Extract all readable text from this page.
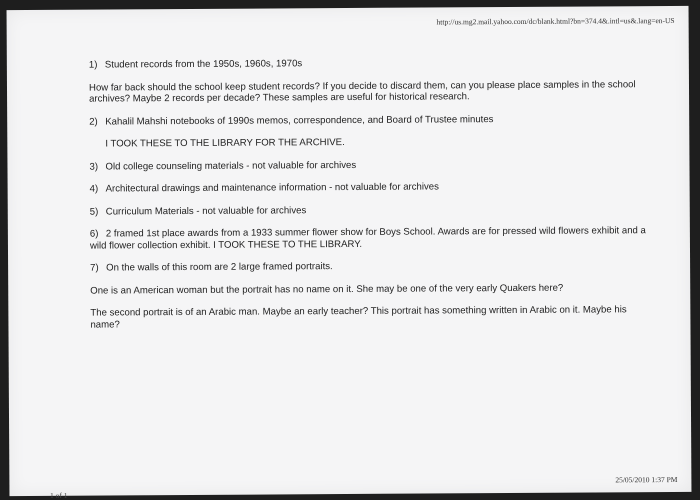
http://us.mg2.mail.yahoo.com/dc/blank.html?bn=374.4&.intl=us&.lang=en-US
1) Student records from the 1950s, 1960s, 1970s
How far back should the school keep student records? If you decide to discard them, can you please place samples in the school archives? Maybe 2 records per decade? These samples are useful for historical research.
2) Kahalil Mahshi notebooks of 1990s memos, correspondence, and Board of Trustee minutes
I TOOK THESE TO THE LIBRARY FOR THE ARCHIVE.
3) Old college counseling materials - not valuable for archives
4) Architectural drawings and maintenance information - not valuable for archives
5) Curriculum Materials - not valuable for archives
6) 2 framed 1st place awards from a 1933 summer flower show for Boys School. Awards are for pressed wild flowers exhibit and a wild flower collection exhibit. I TOOK THESE TO THE LIBRARY.
7) On the walls of this room are 2 large framed portraits.
One is an American woman but the portrait has no name on it. She may be one of the very early Quakers here?
The second portrait is of an Arabic man. Maybe an early teacher? This portrait has something written in Arabic on it. Maybe his name?
25/05/2010 1:37 PM
1 of 1
